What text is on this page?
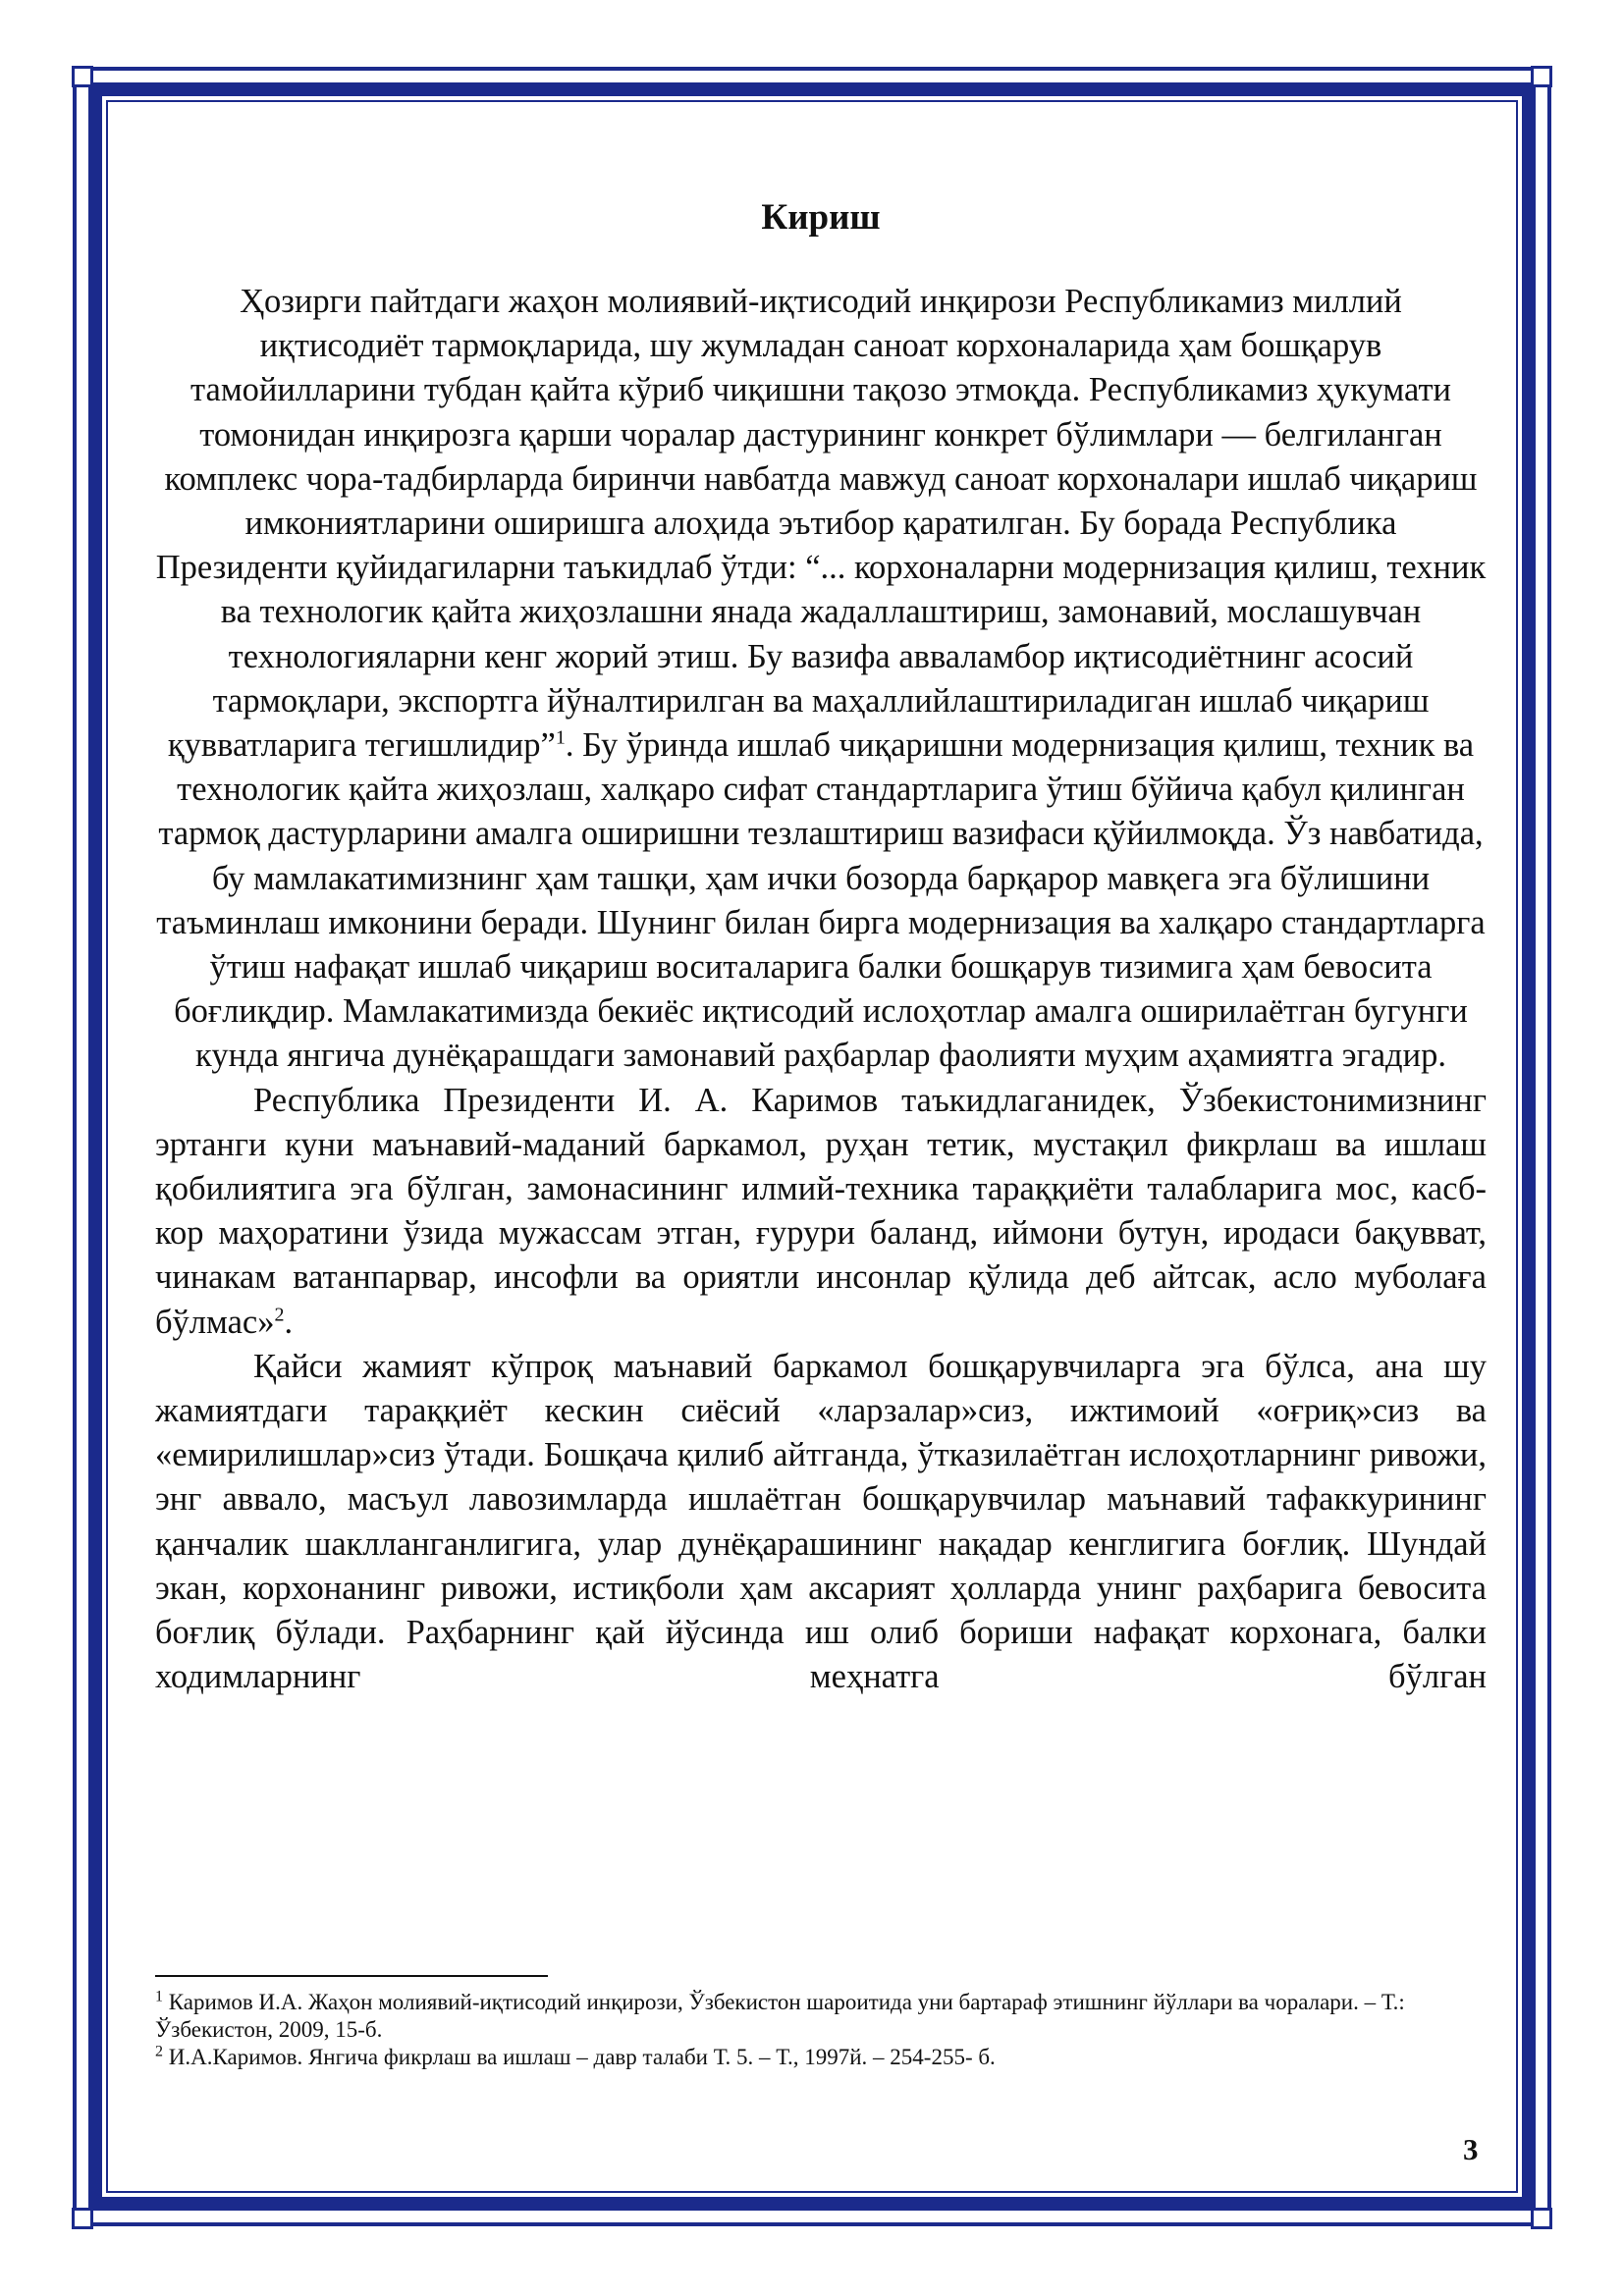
Кириш

Ҳозирги пайтдаги жаҳон молиявий-иқтисодий инқирози Республикамиз миллий иқтисодиёт тармоқларида, шу жумладан саноат корхоналарида ҳам бошқарув тамойилларини тубдан қайта кўриб чиқишни тақозо этмоқда. Республикамиз ҳукумати томонидан инқирозга қарши чоралар дастурининг конкрет бўлимлари — белгиланган комплекс чора-тадбирларда биринчи навбатда мавжуд саноат корхоналари ишлаб чиқариш имкониятларини оширишга алоҳида эътибор қаратилган. Бу борада Республика Президенти қуйидагиларни таъкидлаб ўтди: “... корхоналарни модернизация қилиш, техник ва технологик қайта жиҳозлашни янада жадаллаштириш, замонавий, мослашувчан технологияларни кенг жорий этиш. Бу вазифа авваламбор иқтисодиётнинг асосий тармоқлари, экспортга йўналтирилган ва маҳаллийлаштириладиган ишлаб чиқариш қувватларига тегишлидир”$^1$. Бу ўринда ишлаб чиқаришни модернизация қилиш, техник ва технологик қайта жиҳозлаш, халқаро сифат стандартларига ўтиш бўйича қабул қилинган тармоқ дастурларини амалга оширишни тезлаштириш вазифаси қўйилмоқда. Ўз навбатида, бу мамлакатимизнинг ҳам ташқи, ҳам ички бозорда барқарор мавқега эга бўлишини таъминлаш имконини беради. Шунинг билан бирга модернизация ва халқаро стандартларга ўтиш нафақат ишлаб чиқариш воситаларига балки бошқарув тизимига ҳам бевосита боғлиқдир. Мамлакатимизда бекиёс иқтисодий ислоҳотлар амалга оширилаётган бугунги кунда янгича дунёқарашдаги замонавий раҳбарлар фаолияти муҳим аҳамиятга эгадир.

Республика Президенти И. А. Каримов таъкидлаганидек, Ўзбекистонимизнинг эртанги куни маънавий-маданий баркамол, руҳан тетик, мустақил фикрлаш ва ишлаш қобилиятига эга бўлган, замонасининг илмий-техника тараққиёти талабларига мос, касб- кор маҳоратини ўзида мужассам этган, ғурури баланд, иймони бутун, иродаси бақувват, чинакам ватанпарвар, инсофли ва ориятли инсонлар қўлида деб айтсак, асло муболаға бўлмас»$^2$.

Қайси жамият кўпроқ маънавий баркамол бошқарувчиларга эга бўлса, ана шу жамиятдаги тараққиёт кескин сиёсий «ларзалар»сиз, ижтимоий «оғриқ»сиз ва «емирилишлар»сиз ўтади. Бошқача қилиб айтганда, ўтказилаётган ислоҳотларнинг ривожи, энг аввало, масъул лавозимларда ишлаётган бошқарувчилар маънавий тафаккурининг қанчалик шаклланганлигига, улар дунёқарашининг нақадар кенглигига боғлиқ. Шундай экан, корхонанинг ривожи, истиқболи ҳам аксарият ҳолларда унинг раҳбарига бевосита боғлиқ бўлади. Раҳбарнинг қай йўсинда иш олиб бориши нафақат корхонага, балки ходимларнинг меҳнатга бўлган

$^1$ Каримов И.А. Жаҳон молиявий-иқтисодий инқирози, Ўзбекистон шароитида уни бартараф этишнинг йўллари ва чоралари. – Т.: Ўзбекистон, 2009, 15-б.

$^2$ И.А.Каримов. Янгича фикрлаш ва ишлаш – давр талаби Т. 5. – Т., 1997й. – 254-255- б.

3
